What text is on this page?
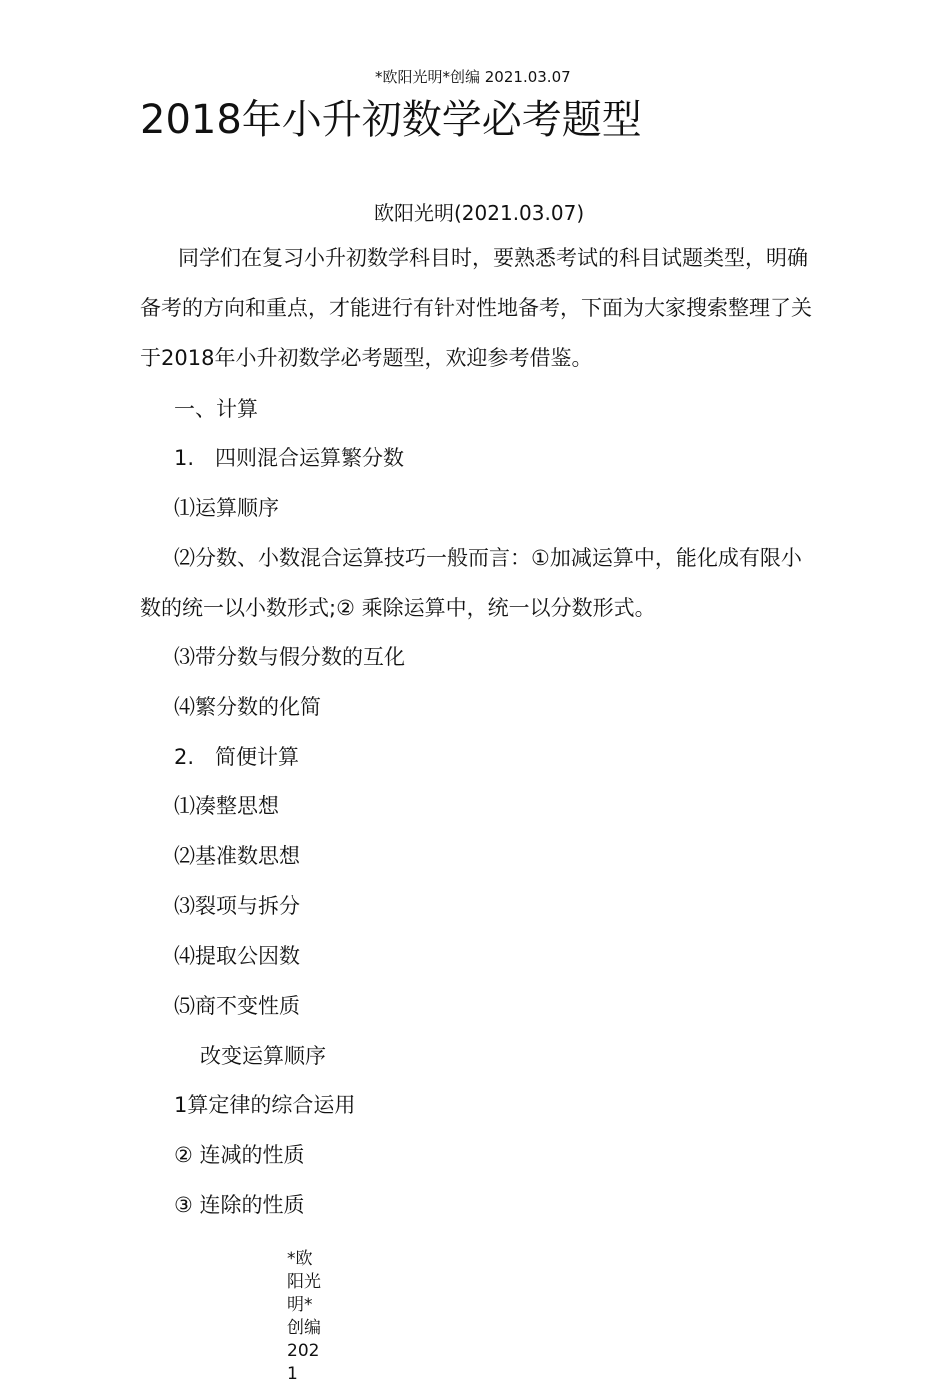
*欧阳光明*创编 2021.03.07
2018年小升初数学必考题型
欧阳光明(2021.03.07)

同学们在复习小升初数学科目时，要熟悉考试的科目试题类型，明确备考的方向和重点，才能进行有针对性地备考，下面为大家搜索整理了关于2018年小升初数学必考题型，欢迎参考借鉴。

一、计算
1.　四则混合运算繁分数
⑴运算顺序

⑵分数、小数混合运算技巧一般而言：①加减运算中，能化成有限小数的统一以小数形式;② 乘除运算中，统一以分数形式。

⑶带分数与假分数的互化
⑷繁分数的化简
2.　简便计算
⑴凑整思想
⑵基准数思想
⑶裂项与拆分
⑷提取公因数
⑸商不变性质
改变运算顺序
1算定律的综合运用
② 连减的性质
③ 连除的性质
*欧阳光明*创编 2021
